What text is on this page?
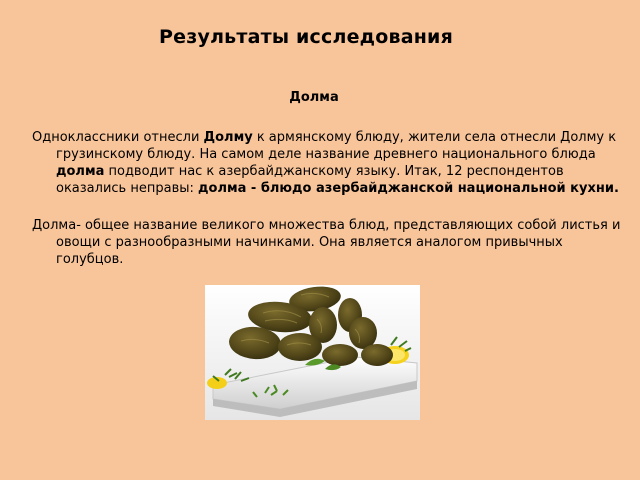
Результаты исследования
Долма
Одноклассники отнесли Долму к армянскому блюду, жители села отнесли Долму к грузинскому блюду. На самом деле название древнего национального блюда долма подводит нас к азербайджанскому языку. Итак, 12 респондентов оказались неправы: долма - блюдо азербайджанской национальной кухни.
Долма- общее название великого множества блюд, представляющих собой листья и овощи с разнообразными начинками. Она является аналогом привычных голубцов.
